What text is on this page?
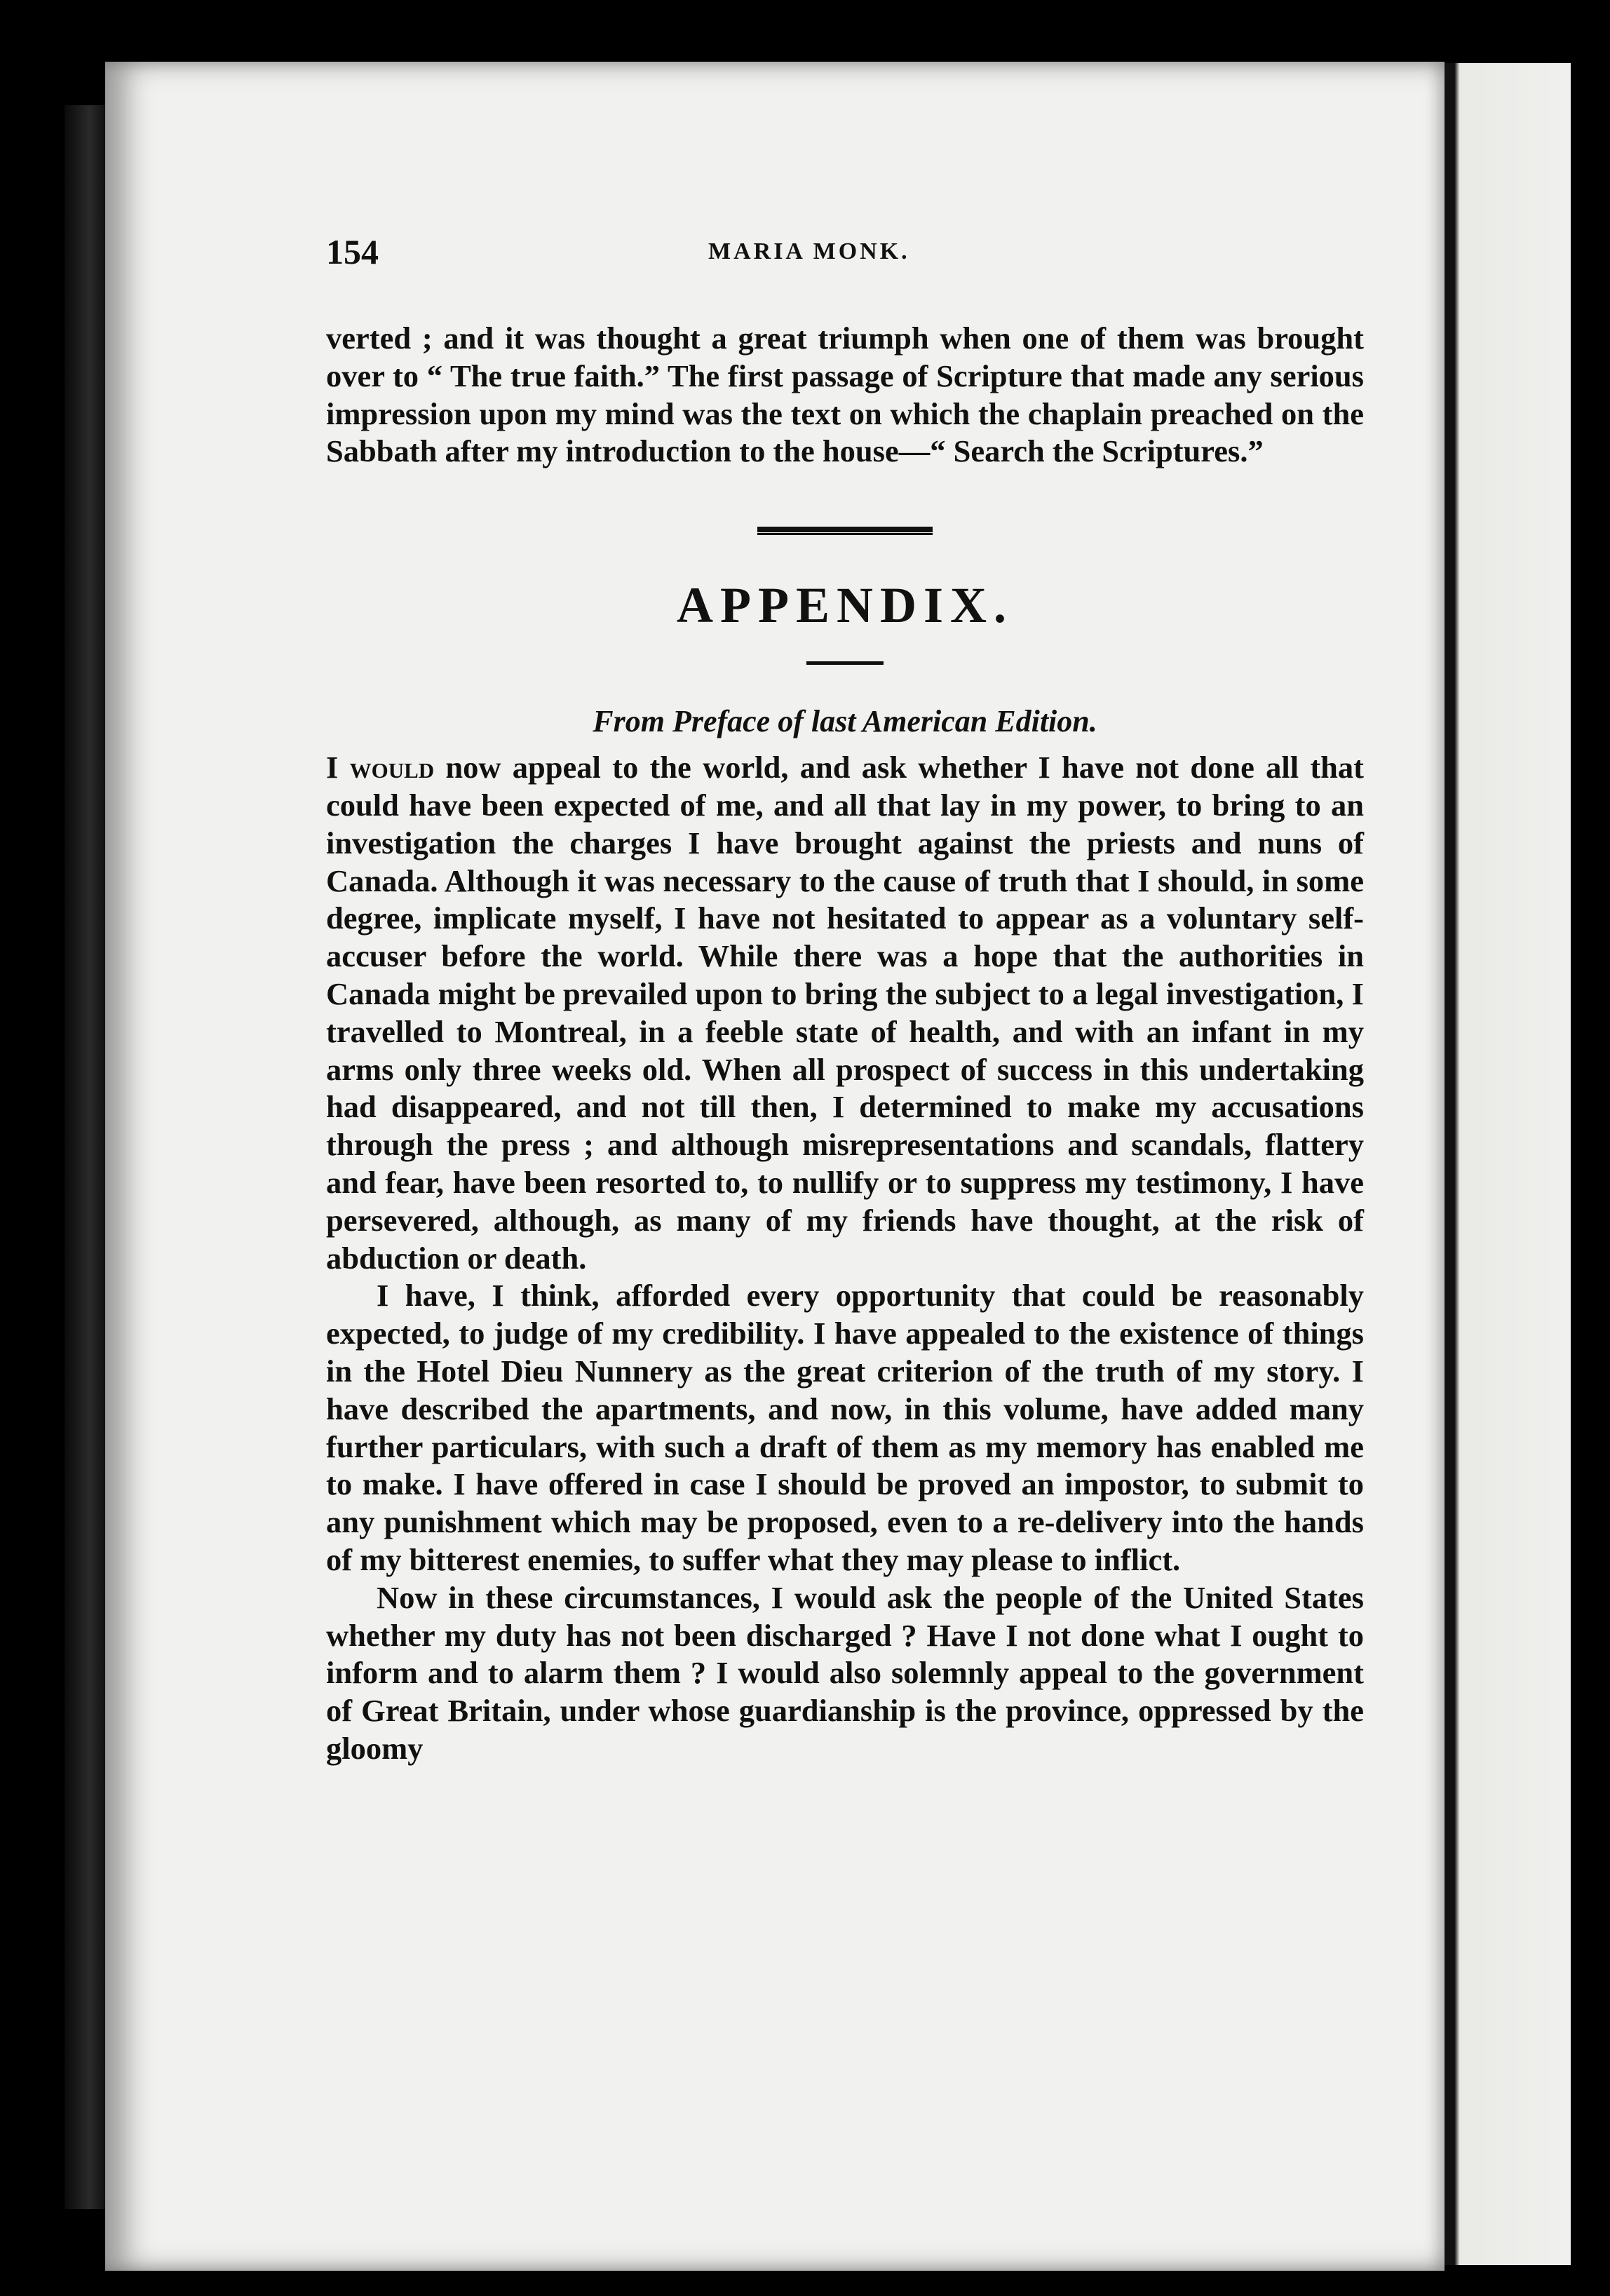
154	MARIA MONK.

verted ; and it was thought a great triumph when one of them was brought over to “ The true faith.” The first passage of Scripture that made any serious impression upon my mind was the text on which the chaplain preached on the Sabbath after my introduction to the house—“ Search the Scriptures.”

APPENDIX.
From Preface of last American Edition.

I would now appeal to the world, and ask whether I have not done all that could have been expected of me, and all that lay in my power, to bring to an investigation the charges I have brought against the priests and nuns of Canada. Although it was necessary to the cause of truth that I should, in some degree, implicate myself, I have not hesitated to appear as a voluntary self-accuser before the world. While there was a hope that the authorities in Canada might be prevailed upon to bring the subject to a legal investigation, I travelled to Montreal, in a feeble state of health, and with an infant in my arms only three weeks old. When all prospect of success in this undertaking had disappeared, and not till then, I determined to make my accusations through the press ; and although misrepresentations and scandals, flattery and fear, have been resorted to, to nullify or to suppress my testimony, I have persevered, although, as many of my friends have thought, at the risk of abduction or death.

I have, I think, afforded every opportunity that could be reasonably expected, to judge of my credibility. I have appealed to the existence of things in the Hotel Dieu Nunnery as the great criterion of the truth of my story. I have described the apartments, and now, in this volume, have added many further particulars, with such a draft of them as my memory has enabled me to make. I have offered in case I should be proved an impostor, to submit to any punishment which may be proposed, even to a re-delivery into the hands of my bitterest enemies, to suffer what they may please to inflict.

Now in these circumstances, I would ask the people of the United States whether my duty has not been discharged ? Have I not done what I ought to inform and to alarm them ? I would also solemnly appeal to the government of Great Britain, under whose guardianship is the province, oppressed by the gloomy
